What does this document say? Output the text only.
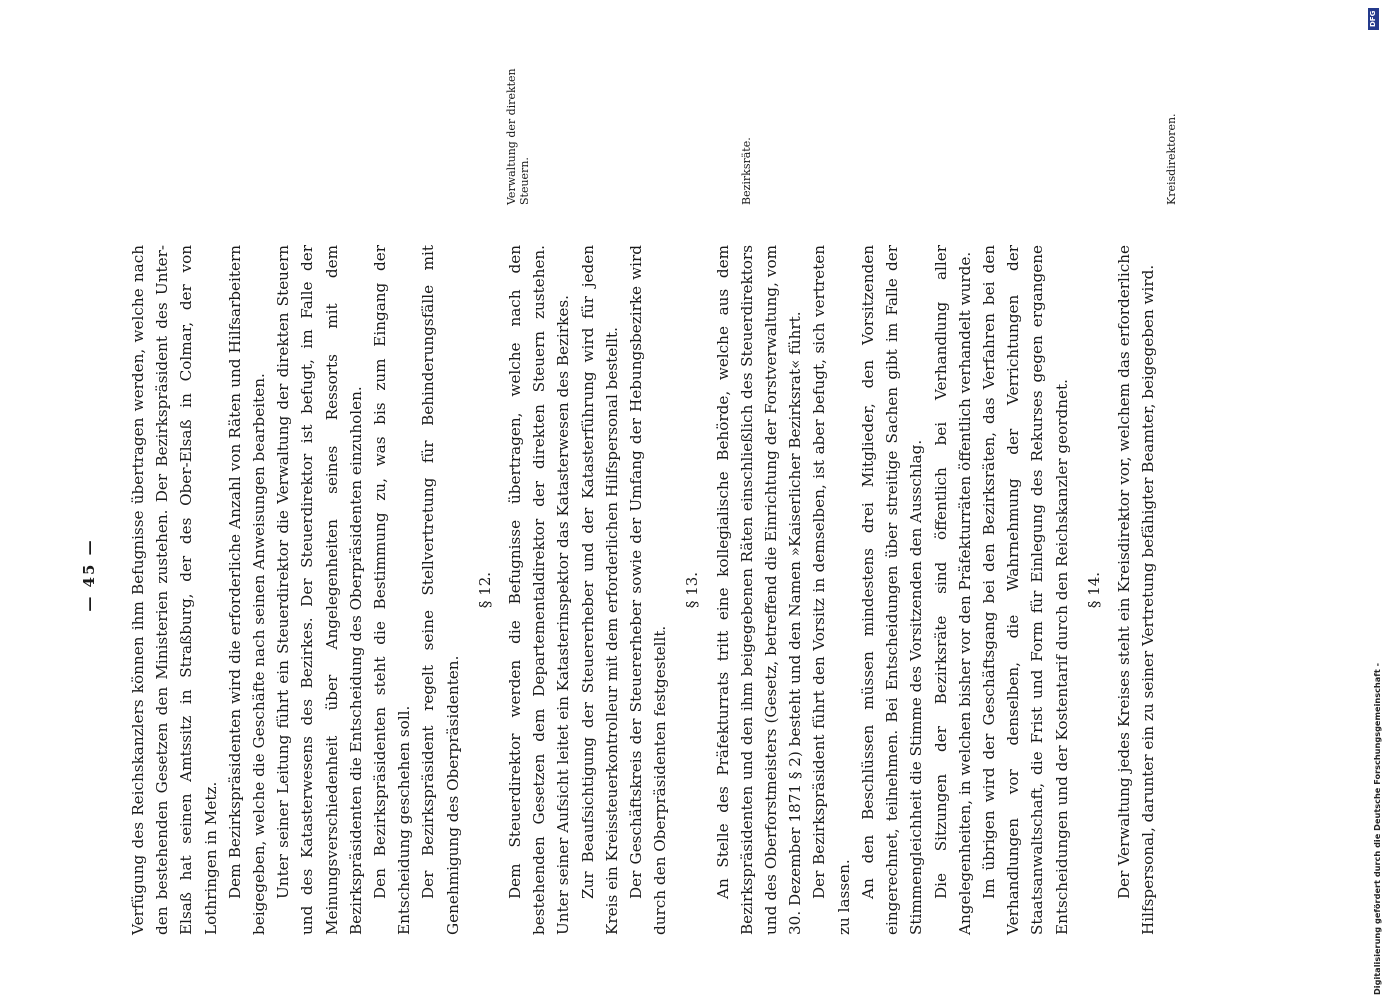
— 45 — Verfügung des Reichskanzlers können ihm Befugnisse übertragen werden, welche nach den bestehenden Gesetzen den Ministerien zustehen. Der Bezirkspräsident des Unter-Elsaß hat seinen Amtssitz in Straßburg, der des Ober-Elsaß in Colmar, der von Lothringen in Metz. Dem Bezirkspräsidenten wird die erforderliche Anzahl von Räten und Hilfsarbeitern beigegeben, welche die Geschäfte nach seinen Anweisungen bearbeiten. Unter seiner Leitung führt ein Steuerdirektor die Verwaltung der direkten Steuern und des Katasterwesens des Bezirkes. Der Steuerdirektor ist befugt, im Falle der Meinungsverschiedenheit über Angelegenheiten seines Ressorts mit dem Bezirkspräsidenten die Entscheidung des Oberpräsidenten einzuholen. Den Bezirkspräsidenten steht die Bestimmung zu, was bis zum Eingang der Entscheidung geschehen soll. Der Bezirkspräsident regelt seine Stellvertretung für Behinderungsfälle mit Genehmigung des Oberpräsidenten.

§ 12. Dem Steuerdirektor werden die Befugnisse übertragen, welche nach den bestehenden Gesetzen dem Departementaldirektor der direkten Steuern zustehen. Unter seiner Aufsicht leitet ein Katasterinspektor das Katasterwesen des Bezirkes. Zur Beaufsichtigung der Steuererheber und der Katasterführung wird für jeden Kreis ein Kreissteuerkontrolleur mit dem erforderlichen Hilfspersonal bestellt. Der Geschäftskreis der Steuererheber sowie der Umfang der Hebungsbezirke wird durch den Oberpräsidenten festgestellt.

§ 13. An Stelle des Präfekturrats tritt eine kollegialische Behörde, welche aus dem Bezirkspräsidenten und den ihm beigegebenen Räten einschließlich des Steuerdirektors und des Oberforstmeisters (Gesetz, betreffend die Einrichtung der Forstverwaltung, vom 30. Dezember 1871 § 2) besteht und den Namen »Kaiserlicher Bezirksrat« führt. Der Bezirkspräsident führt den Vorsitz in demselben, ist aber befugt, sich vertreten zu lassen. An den Beschlüssen müssen mindestens drei Mitglieder, den Vorsitzenden eingerechnet, teilnehmen. Bei Entscheidungen über streitige Sachen gibt im Falle der Stimmengleichheit die Stimme des Vorsitzenden den Ausschlag. Die Sitzungen der Bezirksräte sind öffentlich bei Verhandlung aller Angelegenheiten, in welchen bisher vor den Präfekturräten öffentlich verhandelt wurde. Im übrigen wird der Geschäftsgang bei den Bezirksräten, das Verfahren bei den Verhandlungen vor denselben, die Wahrnehmung der Verrichtungen der Staatsanwaltschaft, die Frist und Form für Einlegung des Rekurses gegen ergangene Entscheidungen und der Kostentarif durch den Reichskanzler geordnet. § 14. Der Verwaltung jedes Kreises steht ein Kreisdirektor vor, welchem das erforderliche Hilfspersonal, darunter ein zu seiner Vertretung befähigter Beamter, beigegeben wird.

Verwaltung der direkten Steuern.	Bezirksräte.	Kreisdirektoren.
Digitalisierung gefördert durch die Deutsche Forschungsgemeinschaft -
DFG
